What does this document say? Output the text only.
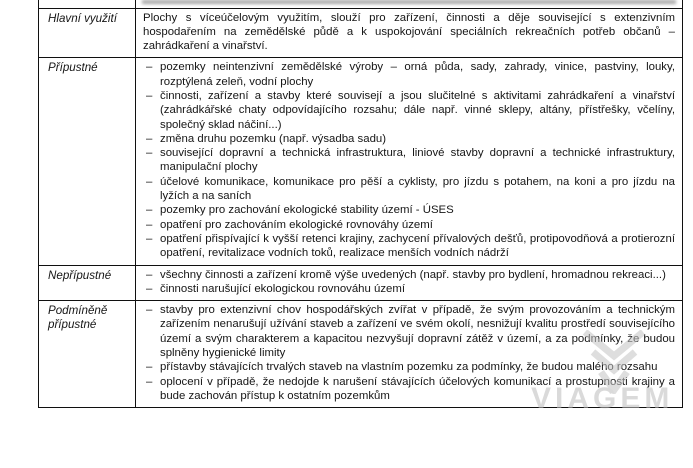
Hlavní využití	Plochy s víceúčelovým využitím, slouží pro zařízení, činnosti a děje související s extenzivním hospodařením na zemědělské půdě a k uspokojování speciálních rekreačních potřeb občanů – zahrádkaření a vinařství.

Přípustné	– pozemky neintenzivní zemědělské výroby – orná půda, sady, zahrady, vinice, pastviny, louky, rozptýlená zeleň, vodní plochy
– činnosti, zařízení a stavby které souvisejí a jsou slučitelné s aktivitami zahrádkaření a vinařství (zahrádkářské chaty odpovídajícího rozsahu; dále např. vinné sklepy, altány, přístřešky, včelíny, společný sklad náčiní...)
– změna druhu pozemku (např. výsadba sadu)
– související dopravní a technická infrastruktura, liniové stavby dopravní a technické infrastruktury, manipulační plochy
– účelové komunikace, komunikace pro pěší a cyklisty, pro jízdu s potahem, na koni a pro jízdu na lyžích a na saních
– pozemky pro zachování ekologické stability území - ÚSES
– opatření pro zachováním ekologické rovnováhy území
– opatření přispívající k vyšší retenci krajiny, zachycení přívalových dešťů, protipovodňová a protierozní opatření, revitalizace vodních toků, realizace menších vodních nádrží

Nepřípustné	– všechny činnosti a zařízení kromě výše uvedených (např. stavby pro bydlení, hromadnou rekreaci...)
– činnosti narušující ekologickou rovnováhu území

Podmíněně přípustné	
– stavby pro extenzivní chov hospodářských zvířat v případě, že svým provozováním a technickým zařízením nenarušují užívání staveb a zařízení ve svém okolí, nesnižují kvalitu prostředí souvisejícího území a svým charakterem a kapacitou nezvyšují dopravní zátěž v území, a za podmínky, že budou splněny hygienické limity
– přístavby stávajících trvalých staveb na vlastním pozemku za podmínky, že budou malého rozsahu
– oplocení v případě, že nedojde k narušení stávajících účelových komunikací a prostupnosti krajiny a bude zachován přístup k ostatním pozemkům	VIAGEM
